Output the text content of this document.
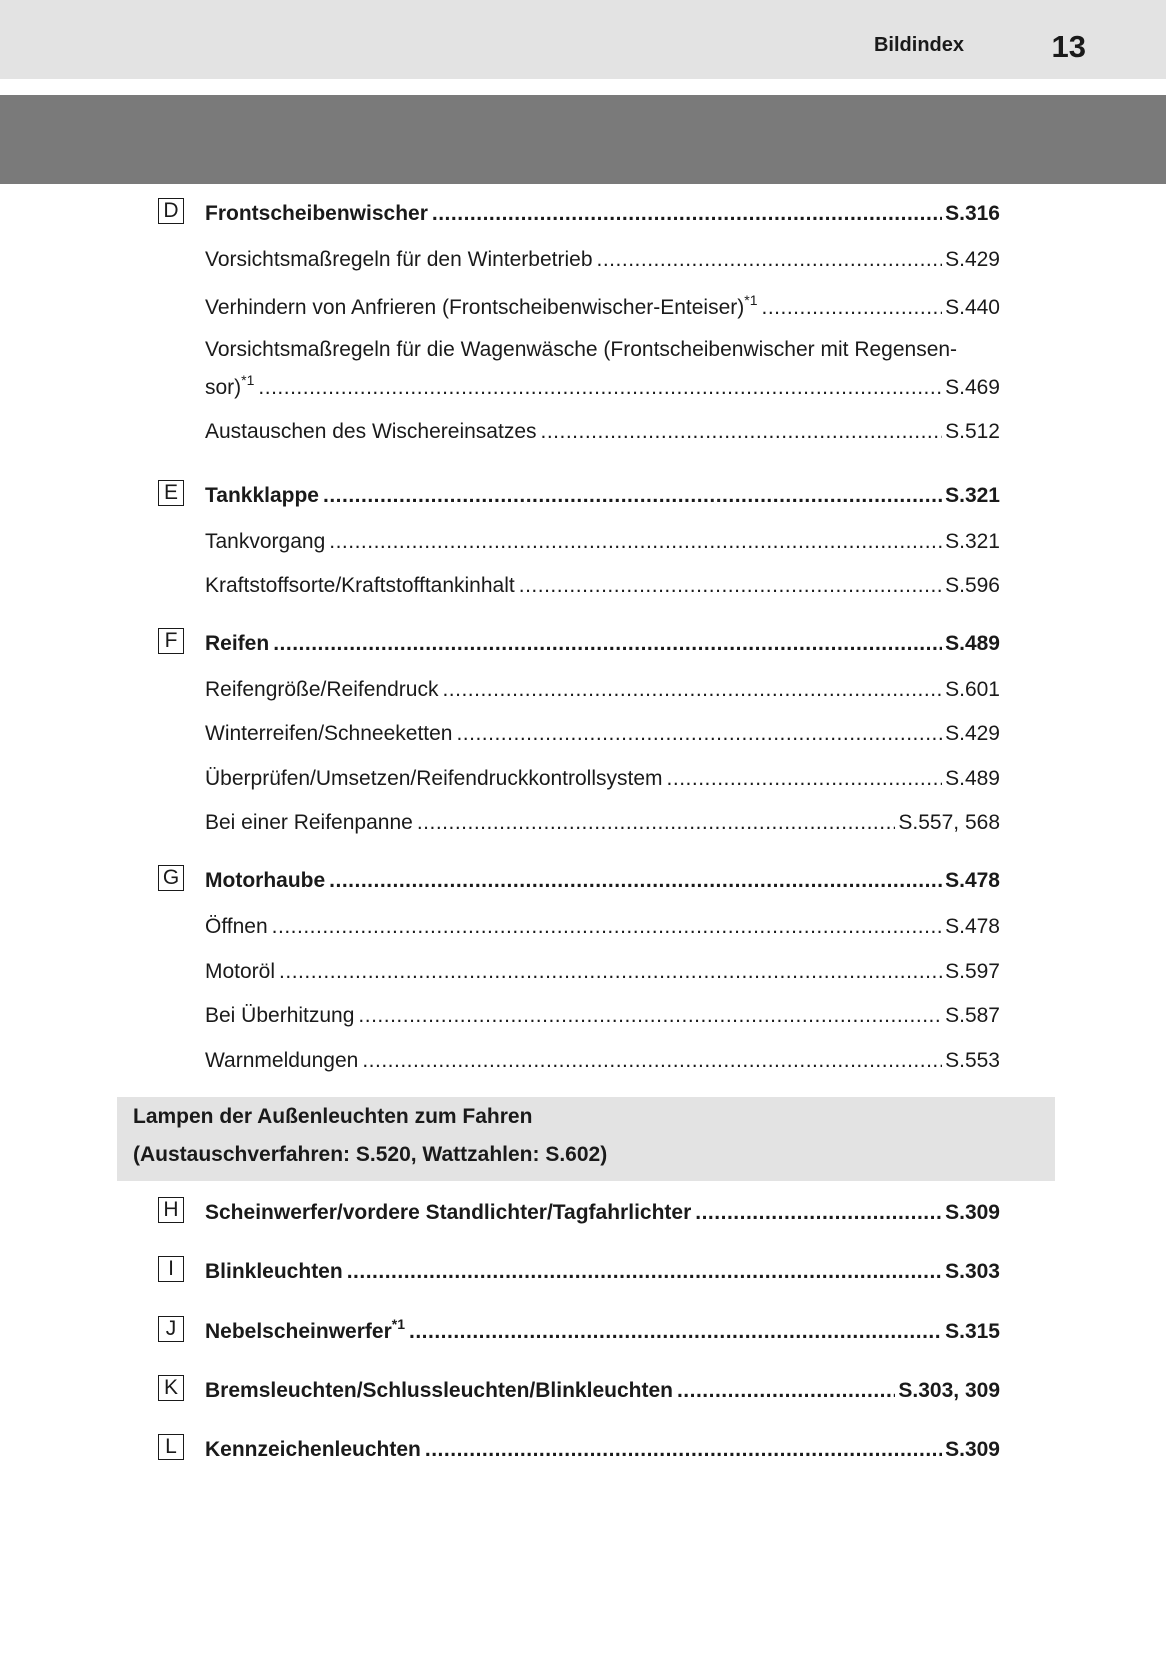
Bildindex	13
D Frontscheibenwischer .....	S.316
Vorsichtsmaßregeln für den Winterbetrieb .....	S.429
Verhindern von Anfrieren (Frontscheibenwischer-Enteiser)$^{*1}$ .....	S.440
Vorsichtsmaßregeln für die Wagenwäsche (Frontscheibenwischer mit Regensen-
sor)$^{*1}$ .....	S.469
Austauschen des Wischereinsatzes .....	S.512
E Tankklappe .....	S.321
Tankvorgang .....	S.321
Kraftstoffsorte/Kraftstofftankinhalt .....	S.596
F	Reifen .....	S.489
Reifengröße/Reifendruck .....	S.601
Winterreifen/Schneeketten .....	S.429
Überprüfen/Umsetzen/Reifendruckkontrollsystem .....	S.489
Bei einer Reifenpanne .....	S.557, 568
G Motorhaube .....	S.478
Öffnen .....	S.478
Motoröl .....	S.597
Bei Überhitzung .....	S.587
Warnmeldungen .....	S.553
Lampen der Außenleuchten zum Fahren
(Austauschverfahren: S.520, Wattzahlen: S.602)
H Scheinwerfer/vordere Standlichter/Tagfahrlichter .....	S.309
I	Blinkleuchten .....	S.303
J	Nebelscheinwerfer$^{*1}$ .....	S.315
K Bremsleuchten/Schlussleuchten/Blinkleuchten .....	S.303, 309
L	Kennzeichenleuchten .....	S.309
